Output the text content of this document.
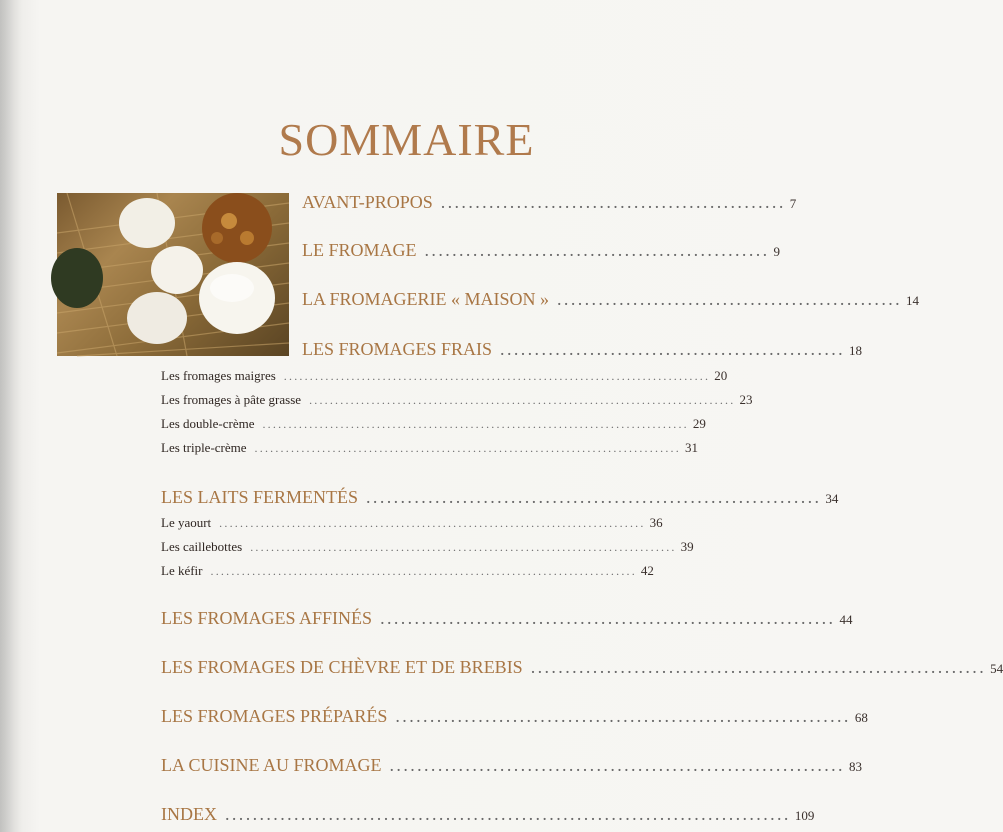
SOMMAIRE
AVANT-PROPOS .................................................. 7
LE FROMAGE .................................................. 9
LA FROMAGERIE « MAISON » .................................................. 14
LES FROMAGES FRAIS .................................................. 18
Les fromages maigres .................................................................................. 20
Les fromages à pâte grasse .................................................................................. 23
Les double-crème .................................................................................. 29
Les triple-crème .................................................................................. 31
LES LAITS FERMENTÉS .................................................................. 34
Le yaourt .................................................................................. 36
Les caillebottes .................................................................................. 39
Le kéfir .................................................................................. 42
LES FROMAGES AFFINÉS .................................................................. 44
LES FROMAGES DE CHÈVRE ET DE BREBIS .................................................................. 54
LES FROMAGES PRÉPARÉS .................................................................. 68
LA CUISINE AU FROMAGE .................................................................. 83
INDEX .................................................................................. 109
